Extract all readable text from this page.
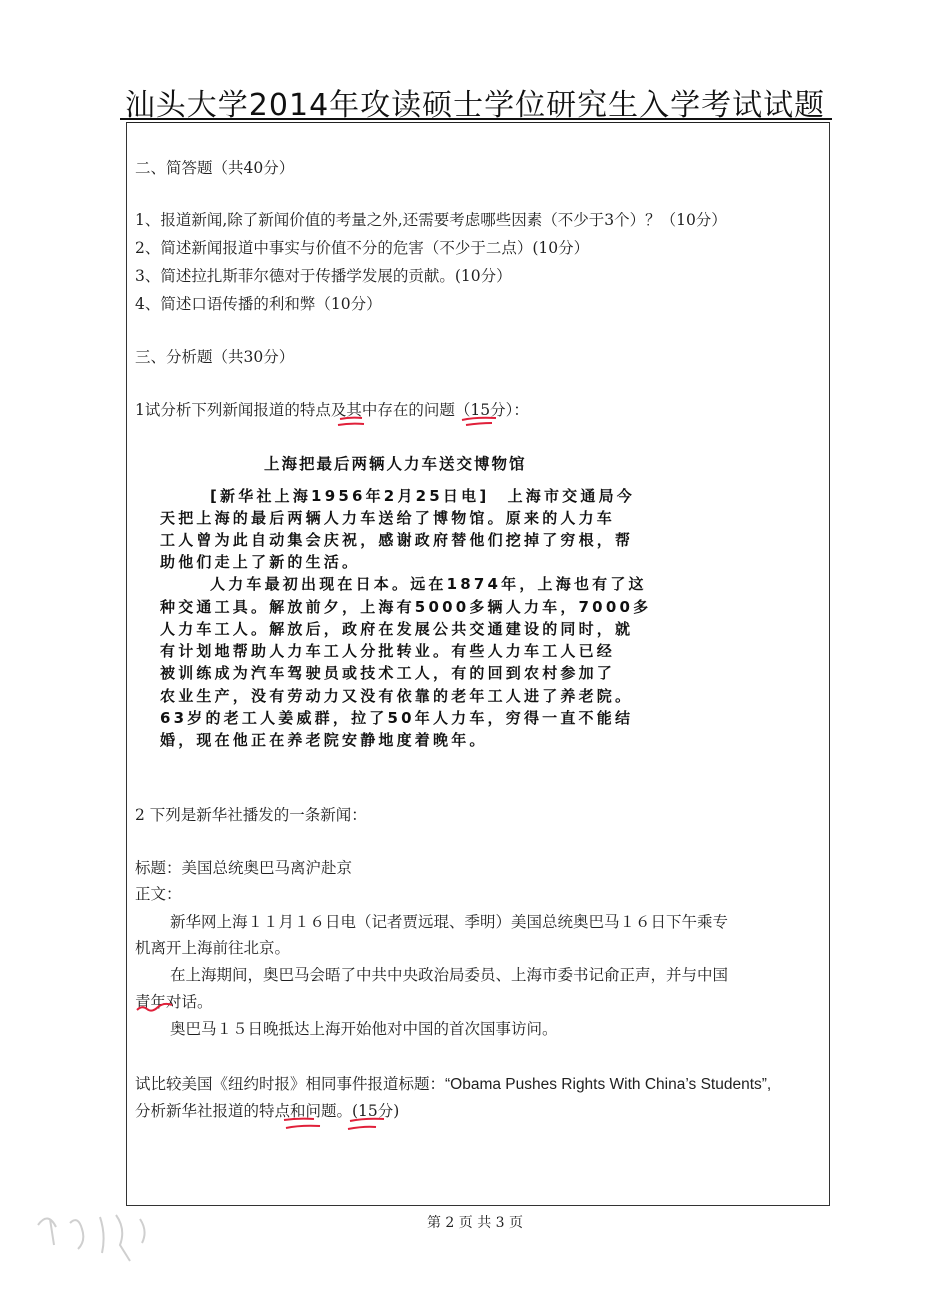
汕头大学2014年攻读硕士学位研究生入学考试试题
二、简答题（共40分）
1、报道新闻,除了新闻价值的考量之外,还需要考虑哪些因素（不少于3个）？（10分）
2、简述新闻报道中事实与价值不分的危害（不少于二点）(10分）
3、简述拉扎斯菲尔德对于传播学发展的贡献。(10分）
4、简述口语传播的利和弊（10分）
三、分析题（共30分）
1试分析下列新闻报道的特点及其中存在的问题（15分）：
上海把最后两辆人力车送交博物馆
[新华社上海1956年2月25日电]　上海市交通局今
天把上海的最后两辆人力车送给了博物馆。原来的人力车
工人曾为此自动集会庆祝，感谢政府替他们挖掉了穷根，帮
助他们走上了新的生活。
人力车最初出现在日本。远在1874年，上海也有了这
种交通工具。解放前夕，上海有5000多辆人力车，7000多
人力车工人。解放后，政府在发展公共交通建设的同时，就
有计划地帮助人力车工人分批转业。有些人力车工人已经
被训练成为汽车驾驶员或技术工人，有的回到农村参加了
农业生产，没有劳动力又没有依靠的老年工人进了养老院。
63岁的老工人姜威群，拉了50年人力车，穷得一直不能结
婚，现在他正在养老院安静地度着晚年。
2 下列是新华社播发的一条新闻：
标题：美国总统奥巴马离沪赴京
正文：
新华网上海１１月１６日电（记者贾远琨、季明）美国总统奥巴马１６日下午乘专
机离开上海前往北京。
在上海期间，奥巴马会晤了中共中央政治局委员、上海市委书记俞正声，并与中国
青年对话。
奥巴马１５日晚抵达上海开始他对中国的首次国事访问。
试比较美国《纽约时报》相同事件报道标题：“Obama Pushes Rights With China’s Students”,
分析新华社报道的特点和问题。(15分)
第 2 页 共 3 页
